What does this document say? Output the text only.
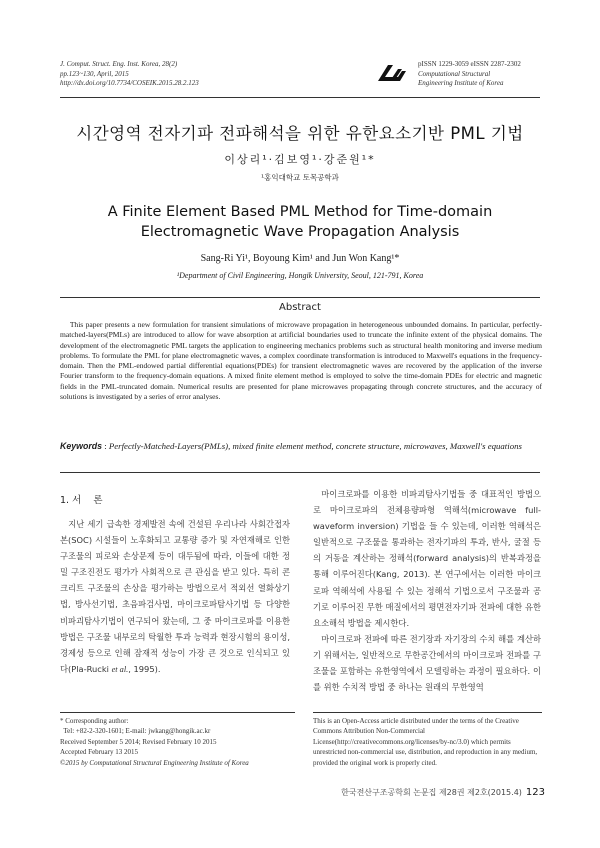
J. Comput. Struct. Eng. Inst. Korea, 28(2)
pp.123~130, April, 2015
http://dx.doi.org/10.7734/COSEIK.2015.28.2.123
pISSN 1229-3059 eISSN 2287-2302
Computational Structural
Engineering Institute of Korea
시간영역 전자기파 전파해석을 위한 유한요소기반 PML 기법
이상리¹·김보영¹·강준원¹*
¹홍익대학교 토목공학과
A Finite Element Based PML Method for Time-domain
Electromagnetic Wave Propagation Analysis
Sang-Ri Yi¹, Boyoung Kim¹ and Jun Won Kang¹*
¹Department of Civil Engineering, Hongik University, Seoul, 121-791, Korea
Abstract
This paper presents a new formulation for transient simulations of microwave propagation in heterogeneous unbounded domains. In particular, perfectly-matched-layers(PMLs) are introduced to allow for wave absorption at artificial boundaries used to truncate the infinite extent of the physical domains. The development of the electromagnetic PML targets the application to engineering mechanics problems such as structural health monitoring and inverse medium problems. To formulate the PML for plane electromagnetic waves, a complex coordinate transformation is introduced to Maxwell's equations in the frequency-domain. Then the PML-endowed partial differential equations(PDEs) for transient electromagnetic waves are recovered by the application of the inverse Fourier transform to the frequency-domain equations. A mixed finite element method is employed to solve the time-domain PDEs for electric and magnetic fields in the PML-truncated domain. Numerical results are presented for plane microwaves propagating through concrete structures, and the accuracy of solutions is investigated by a series of error analyses.
Keywords : Perfectly-Matched-Layers(PMLs), mixed finite element method, concrete structure, microwaves, Maxwell's equations
1. 서    론

지난 세기 급속한 경제발전 속에 건설된 우리나라 사회간접자본(SOC) 시설들이 노후화되고 교통량 증가 및 자연재해로 인한 구조물의 피로와 손상문제 등이 대두됨에 따라, 이들에 대한 정밀 구조진전도 평가가 사회적으로 큰 관심을 받고 있다. 특히 콘크리트 구조물의 손상을 평가하는 방법으로서 적외선 열화상기법, 방사선기법, 초음파검사법, 마이크로파탐사기법 등 다양한 비파괴탐사기법이 연구되어 왔는데, 그 중 마이크로파를 이용한 방법은 구조물 내부로의 탁월한 투과 능력과 현장시험의 용이성, 경제성 등으로 인해 잠재적 성능이 가장 큰 것으로 인식되고 있다(Pla-Rucki et al., 1995).

마이크로파를 이용한 비파괴탐사기법들 중 대표적인 방법으로 마이크로파의 전체용량파형 역해석(microwave full-waveform inversion) 기법을 들 수 있는데, 이러한 역해석은 일반적으로 구조물을 통과하는 전자기파의 투과, 반사, 굴절 등의 거동을 계산하는 정해석(forward analysis)의 반복과정을 통해 이루어진다(Kang, 2013). 본 연구에서는 이러한 마이크로파 역해석에 사용될 수 있는 정해석 기법으로서 구조물과 공기로 이루어진 무한 매질에서의 평면전자기파 전파에 대한 유한요소해석 방법을 제시한다.

마이크로파 전파에 따른 전기장과 자기장의 수치 해를 계산하기 위해서는, 일반적으로 무한공간에서의 마이크로파 전파를 구조물을 포함하는 유한영역에서 모델링하는 과정이 필요하다. 이를 위한 수치적 방법 중 하나는 원래의 무한영역

* Corresponding author:
Tel: +82-2-320-1601; E-mail: jwkang@hongik.ac.kr
Received September 5 2014; Revised February 10 2015
Accepted February 13 2015
©2015 by Computational Structural Engineering Institute of Korea
This is an Open-Access article distributed under the terms of the Creative Commons Attribution Non-Commercial License(http://creativecommons.org/licenses/by-nc/3.0) which permits unrestricted non-commercial use, distribution, and reproduction in any medium, provided the original work is properly cited.
한국전산구조공학회 논문집 제28권 제2호(2015.4) 123
